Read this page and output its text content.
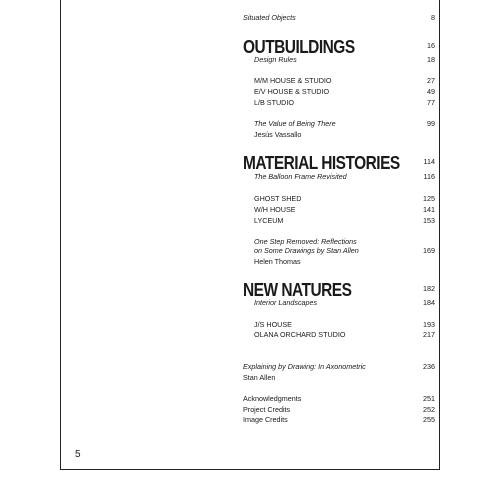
Situated Objects	8
OUTBUILDINGS	16
Design Rules	18
M/M HOUSE & STUDIO	27
E/V HOUSE & STUDIO	49
L/B STUDIO	77
The Value of Being There	99
Jesús Vassallo
MATERIAL HISTORIES	114
The Balloon Frame Revisited	116
GHOST SHED	125
W/H HOUSE	141
LYCEUM	153
One Step Removed: Reflections
on Some Drawings by Stan Allen	169
Helen Thomas
NEW NATURES	182
Interior Landscapes	184
J/S HOUSE	193
OLANA ORCHARD STUDIO	217
Explaining by Drawing: In Axonometric	236
Stan Allen
Acknowledgments	251
Project Credits	252
Image Credits	255
5
